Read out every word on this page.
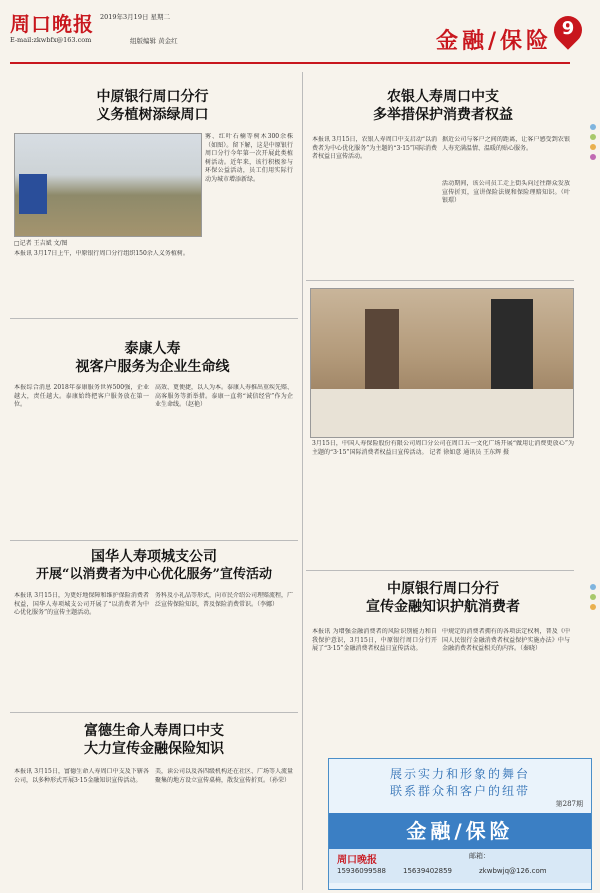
周口晚报 2019年3月19日 星期二
E-mail:zkwbfx@163.com	组版编辑 黄金红	金融/保险 9
中原银行周口分行
义务植树添绿周口
□记者 王吉斌 文/图
雾、红叶石楠等树木300余株（如图）。留下解，这是中原银行周口分行今年第一次开展此类植树活动。近年来，该行积极参与环保公益活动，员工们用实际行动为城市增添新绿。
本报讯 3月17日上午，中原银行周口分行组织150余人义务植树。
农银人寿周口中支
多举措保护消费者权益
本报讯 3月15日，农银人寿周口中支启动“以消费者为中心优化服务”为主题的“3·15”国际消费者权益日宣传活动。
据近公司与客户之间的距离，让客户感受到农银人寿充满温情、温暖的贴心服务。
活动期间，该公司员工走上街头向过往群众发放宣传折页，宣讲保险法规和保险理赔知识。（叶银璟）
泰康人寿
视客户服务为企业生命线
本报综合消息 2018年泰康服务世界500强，企业越大，责任越大。泰康始终把客户服务放在第一位。
高效、更便捷，以人为本。泰康人寿推出重疾先赔、高客服务等新举措。泰康一直将“诚信经营”作为企业生命线。（赵艳）
3月15日，中国人寿保险股份有限公司周口分公司在周口五一文化广场开展“做用让消费更放心”为主题的“3·15”国际消费者权益日宣传活动。 记者 徐如意 通讯员 王东辉 摄
国华人寿项城支公司
开展“以消费者为中心优化服务”宣传活动
本报讯 3月15日，为更好地保障和维护保险消费者权益，国华人寿项城支公司开展了“以消费者为中心优化服务”的宣传主题活动。
务科及小礼品等形式，向市民介绍公司理赔流程，广泛宣传保险知识，普及保险消费常识。（李娜）
中原银行周口分行
宣传金融知识护航消费者
本报讯 为增强金融消费者的风险识别能力和自我保护意识，3月15日，中原银行周口分行开展了“3·15”金融消费者权益日宣传活动。
中规定的消费者拥有的各项法定权利，普及《中国人民银行金融消费者权益保护实施办法》中与金融消费者权益相关的内容。（秦晓）
富德生命人寿周口中支
大力宣传金融保险知识
本报讯 3月15日，富德生命人寿周口中支及下辖各公司，以多种形式开展3·15金融知识宣传活动。
美，读公司以及各四级机构还在社区、广场等人流量聚集的地方设立宣传桌椅，散发宣传折页。（孙荣）	展示实力和形象的舞台
联系群众和客户的纽带
第287期
金融/保险
周口晚报	邮箱：
15936099588 15639402859	zkwbwjq@126.com
